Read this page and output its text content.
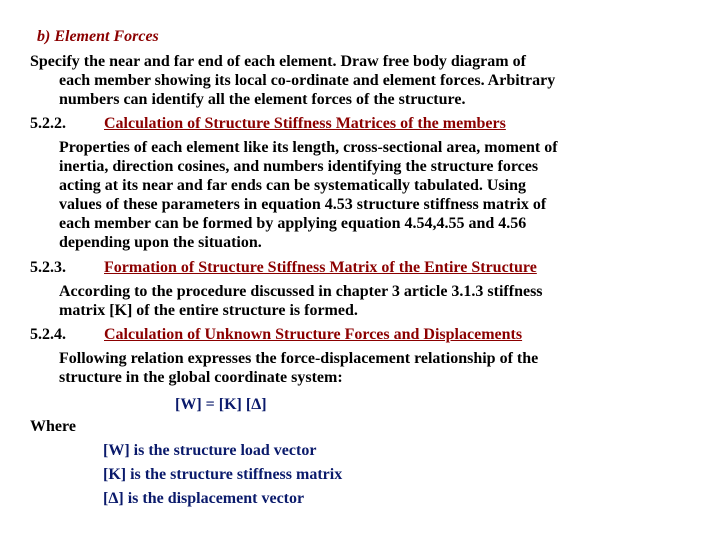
b) Element Forces
Specify the near and far end of each element. Draw free body diagram of
each member showing its local co-ordinate and element forces. Arbitrary
numbers can identify all the element forces of the structure.
5.2.2. Calculation of Structure Stiffness Matrices of the members
Properties of each element like its length, cross-sectional area, moment of
inertia, direction cosines, and numbers identifying the structure forces
acting at its near and far ends can be systematically tabulated. Using
values of these parameters in equation 4.53 structure stiffness matrix of
each member can be formed by applying equation 4.54,4.55 and 4.56
depending upon the situation.
5.2.3. Formation of Structure Stiffness Matrix of the Entire Structure
According to the procedure discussed in chapter 3 article 3.1.3 stiffness
matrix [K] of the entire structure is formed.
5.2.4. Calculation of Unknown Structure Forces and Displacements
Following relation expresses the force-displacement relationship of the
structure in the global coordinate system:
[W] = [K] [Δ]
Where
[W] is the structure load vector
[K] is the structure stiffness matrix
[Δ] is the displacement vector
